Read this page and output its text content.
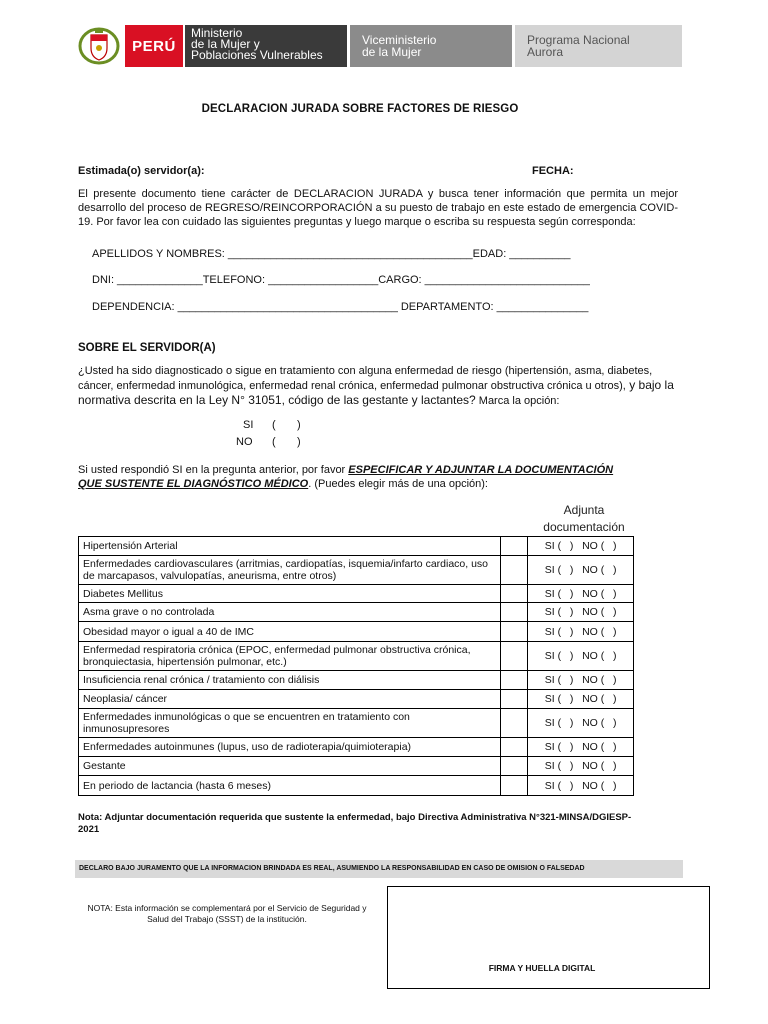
PERÚ
Ministerio
de la Mujer y
Poblaciones Vulnerables
Viceministerio
de la Mujer
Programa Nacional
Aurora
DECLARACION JURADA SOBRE FACTORES DE RIESGO
Estimada(o) servidor(a):	FECHA:
El presente documento tiene carácter de DECLARACION JURADA y busca tener información que permita un mejor desarrollo del proceso de REGRESO/REINCORPORACIÓN a su puesto de trabajo en este estado de emergencia COVID-19. Por favor lea con cuidado las siguientes preguntas y luego marque o escriba su respuesta según corresponda:
APELLIDOS Y NOMBRES: ________________________________________EDAD: __________
DNI: ______________TELEFONO: __________________CARGO: ___________________________
DEPENDENCIA: ____________________________________ DEPARTAMENTO: _______________
SOBRE EL SERVIDOR(A)
¿Usted ha sido diagnosticado o sigue en tratamiento con alguna enfermedad de riesgo (hipertensión, asma, diabetes, cáncer, enfermedad inmunológica, enfermedad renal crónica, enfermedad pulmonar obstructiva crónica u otros), y bajo la normativa descrita en la Ley N° 31051, código de las gestante y lactantes? Marca la opción:
SI (       )
NO (       )
Si usted respondió SI en la pregunta anterior, por favor ESPECIFICAR Y ADJUNTAR LA DOCUMENTACIÓN QUE SUSTENTE EL DIAGNÓSTICO MÉDICO. (Puedes elegir más de una opción):
Adjunta documentación
Hipertensión Arterial		SI (   )   NO (   )
Enfermedades cardiovasculares (arritmias, cardiopatías, isquemia/infarto cardiaco, uso de marcapasos, valvulopatías, aneurisma, entre otros)		SI (   )   NO (   )
Diabetes Mellitus		SI (   )   NO (   )
Asma grave o no controlada		SI (   )   NO (   )
Obesidad mayor o igual a 40 de IMC		SI (   )   NO (   )
Enfermedad respiratoria crónica (EPOC, enfermedad pulmonar obstructiva crónica, bronquiectasia, hipertensión pulmonar, etc.)		SI (   )   NO (   )
Insuficiencia renal crónica / tratamiento con diálisis		SI (   )   NO (   )
Neoplasia/ cáncer		SI (   )   NO (   )
Enfermedades inmunológicas o que se encuentren en tratamiento con inmunosupresores		SI (   )   NO (   )
Enfermedades autoinmunes (lupus, uso de radioterapia/quimioterapia)		SI (   )   NO (   )
Gestante		SI (   )   NO (   )
En periodo de lactancia (hasta 6 meses)		SI (   )   NO (   )
Nota: Adjuntar documentación requerida que sustente la enfermedad, bajo Directiva Administrativa N°321-MINSA/DGIESP-2021
DECLARO BAJO JURAMENTO QUE LA INFORMACION BRINDADA ES REAL, ASUMIENDO LA RESPONSABILIDAD EN CASO DE OMISION O FALSEDAD
NOTA: Esta información se complementará por el Servicio de Seguridad y Salud del Trabajo (SSST) de la institución.
FIRMA Y HUELLA DIGITAL
